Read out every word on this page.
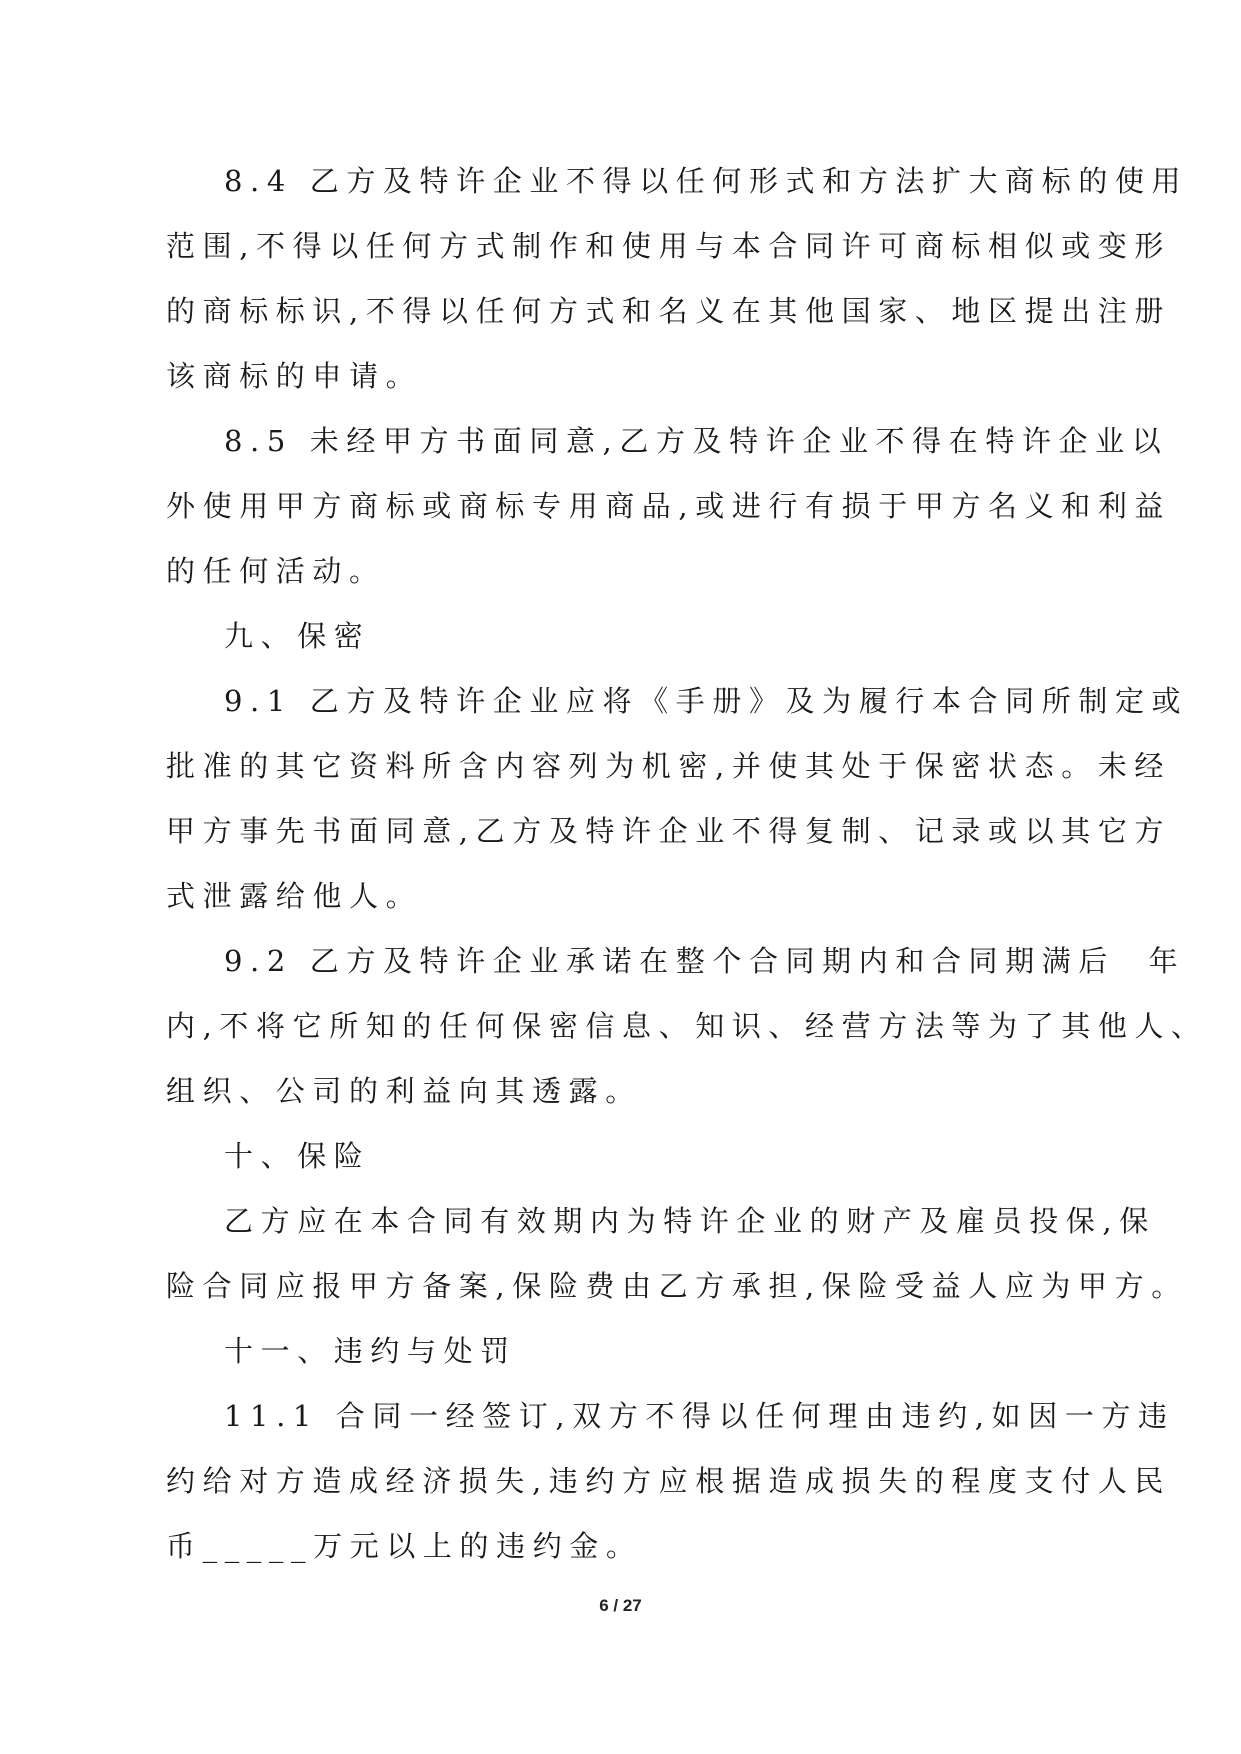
8.4 乙方及特许企业不得以任何形式和方法扩大商标的使用
范围,不得以任何方式制作和使用与本合同许可商标相似或变形
的商标标识,不得以任何方式和名义在其他国家、地区提出注册
该商标的申请。
8.5 未经甲方书面同意,乙方及特许企业不得在特许企业以
外使用甲方商标或商标专用商品,或进行有损于甲方名义和利益
的任何活动。
九、保密
9.1 乙方及特许企业应将《手册》及为履行本合同所制定或
批准的其它资料所含内容列为机密,并使其处于保密状态。未经
甲方事先书面同意,乙方及特许企业不得复制、记录或以其它方
式泄露给他人。
9.2 乙方及特许企业承诺在整个合同期内和合同期满后  年
内,不将它所知的任何保密信息、知识、经营方法等为了其他人、
组织、公司的利益向其透露。
十、保险
乙方应在本合同有效期内为特许企业的财产及雇员投保,保
险合同应报甲方备案,保险费由乙方承担,保险受益人应为甲方。
十一、违约与处罚
11.1 合同一经签订,双方不得以任何理由违约,如因一方违
约给对方造成经济损失,违约方应根据造成损失的程度支付人民
币_____万元以上的违约金。
6 / 27
